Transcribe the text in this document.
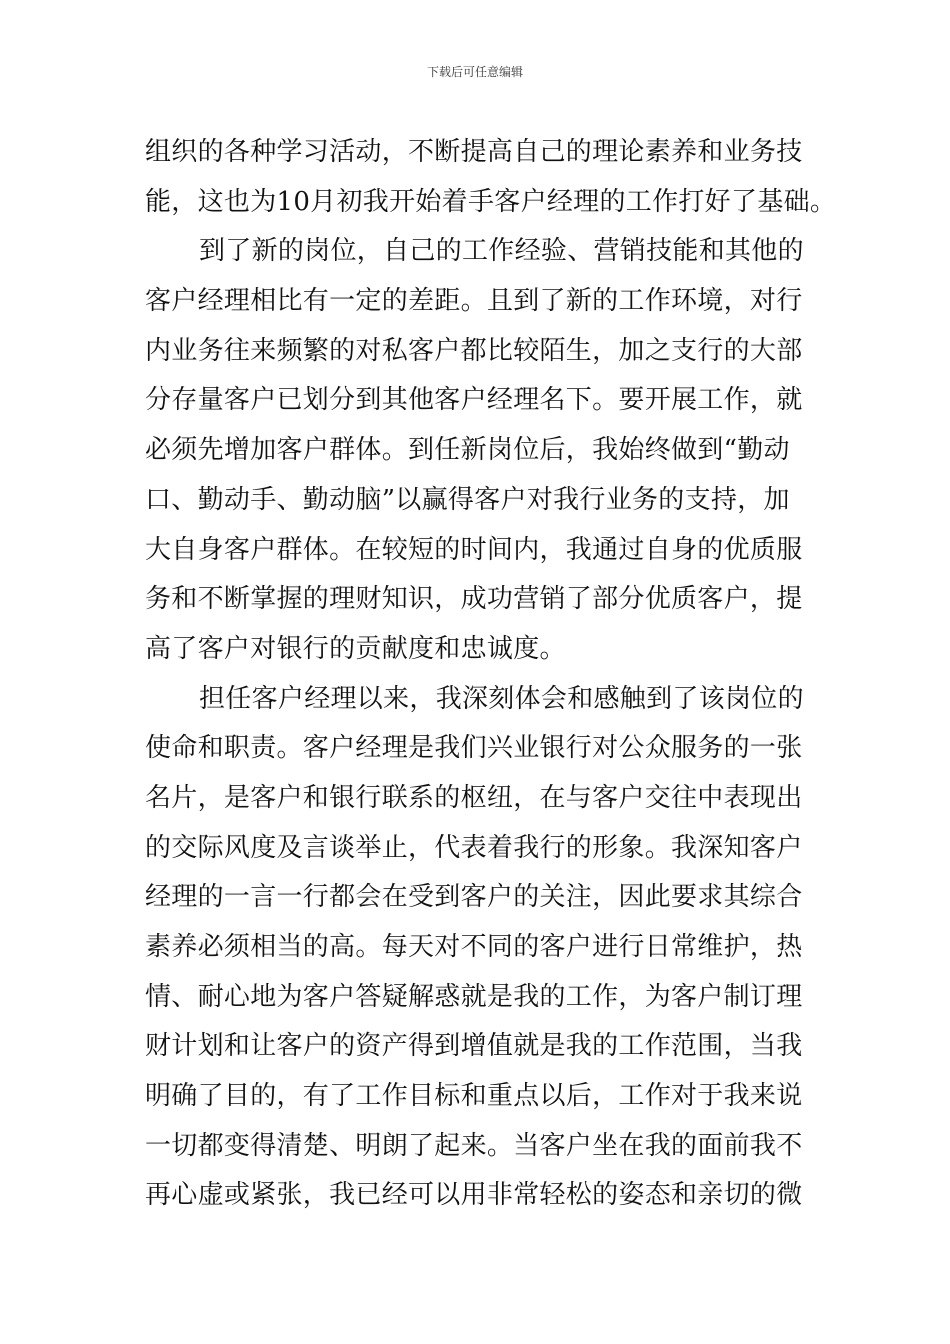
下载后可任意编辑
组织的各种学习活动，不断提高自己的理论素养和业务技
能，这也为10月初我开始着手客户经理的工作打好了基础。
到了新的岗位，自己的工作经验、营销技能和其他的
客户经理相比有一定的差距。且到了新的工作环境，对行
内业务往来频繁的对私客户都比较陌生，加之支行的大部
分存量客户已划分到其他客户经理名下。要开展工作，就
必须先增加客户群体。到任新岗位后，我始终做到“勤动
口、勤动手、勤动脑”以赢得客户对我行业务的支持，加
大自身客户群体。在较短的时间内，我通过自身的优质服
务和不断掌握的理财知识，成功营销了部分优质客户，提
高了客户对银行的贡献度和忠诚度。
担任客户经理以来，我深刻体会和感触到了该岗位的
使命和职责。客户经理是我们兴业银行对公众服务的一张
名片，是客户和银行联系的枢纽，在与客户交往中表现出
的交际风度及言谈举止，代表着我行的形象。我深知客户
经理的一言一行都会在受到客户的关注，因此要求其综合
素养必须相当的高。每天对不同的客户进行日常维护，热
情、耐心地为客户答疑解惑就是我的工作，为客户制订理
财计划和让客户的资产得到增值就是我的工作范围，当我
明确了目的，有了工作目标和重点以后，工作对于我来说
一切都变得清楚、明朗了起来。当客户坐在我的面前我不
再心虚或紧张，我已经可以用非常轻松的姿态和亲切的微
